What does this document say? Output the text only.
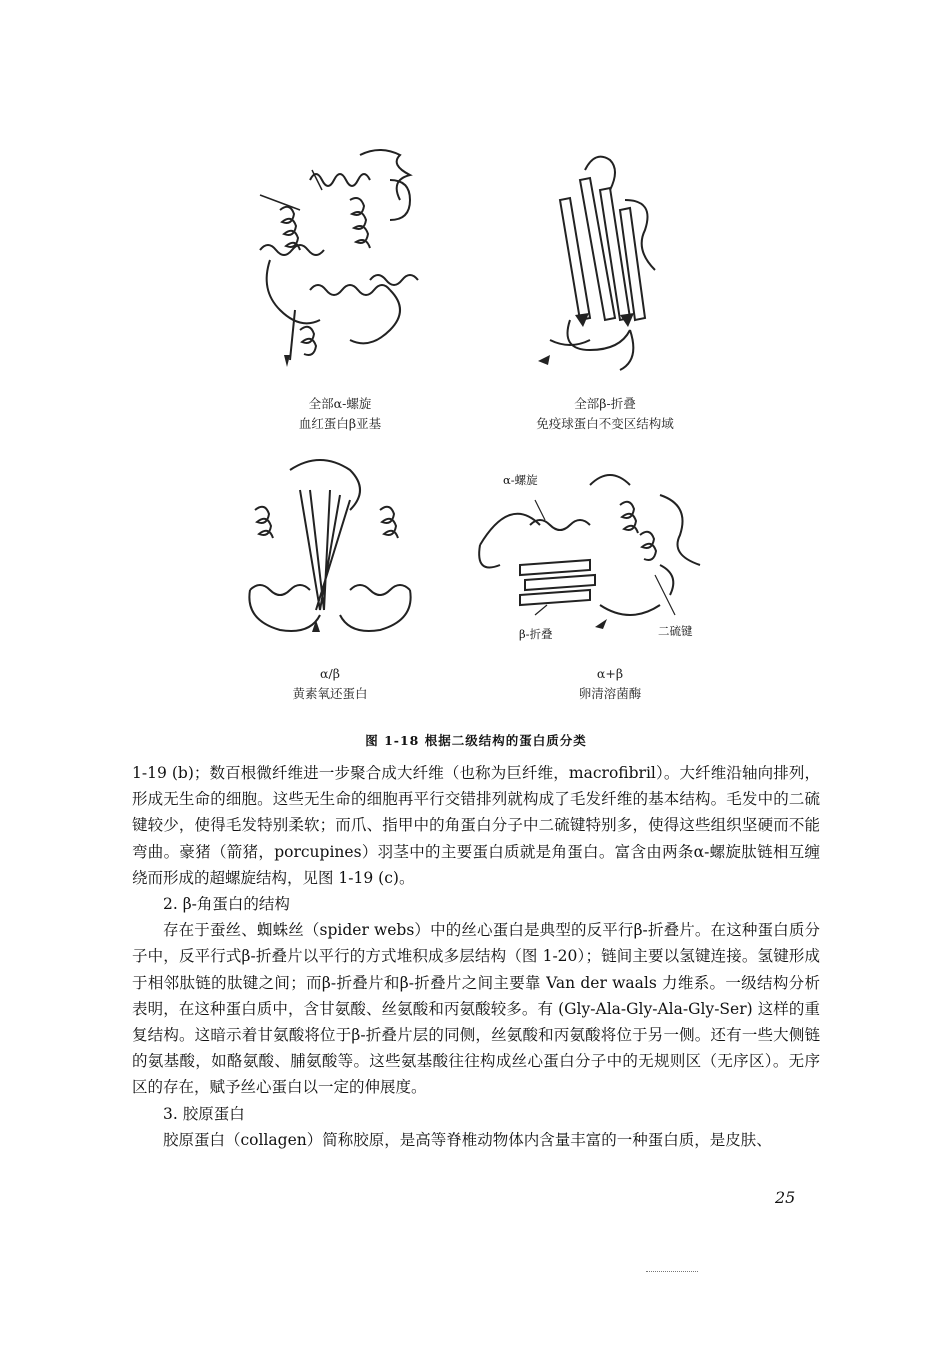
全部α-螺旋
血红蛋白β亚基
全部β-折叠
免疫球蛋白不变区结构域
α/β
黄素氧还蛋白
α-螺旋
β-折叠	二硫键
α+β
卵清溶菌酶
图 1-18 根据二级结构的蛋白质分类

1-19 (b)；数百根微纤维进一步聚合成大纤维（也称为巨纤维，macrofibril）。大纤维沿轴向排列，形成无生命的细胞。这些无生命的细胞再平行交错排列就构成了毛发纤维的基本结构。毛发中的二硫键较少，使得毛发特别柔软；而爪、指甲中的角蛋白分子中二硫键特别多，使得这些组织坚硬而不能弯曲。豪猪（箭猪，porcupines）羽茎中的主要蛋白质就是角蛋白。富含由两条α-螺旋肽链相互缠绕而形成的超螺旋结构，见图 1-19 (c)。

2. β-角蛋白的结构

存在于蚕丝、蜘蛛丝（spider webs）中的丝心蛋白是典型的反平行β-折叠片。在这种蛋白质分子中，反平行式β-折叠片以平行的方式堆积成多层结构（图 1-20）；链间主要以氢键连接。氢键形成于相邻肽链的肽键之间；而β-折叠片和β-折叠片之间主要靠 Van der waals 力维系。一级结构分析表明，在这种蛋白质中，含甘氨酸、丝氨酸和丙氨酸较多。有 (Gly-Ala-Gly-Ala-Gly-Ser) 这样的重复结构。这暗示着甘氨酸将位于β-折叠片层的同侧，丝氨酸和丙氨酸将位于另一侧。还有一些大侧链的氨基酸，如酪氨酸、脯氨酸等。这些氨基酸往往构成丝心蛋白分子中的无规则区（无序区）。无序区的存在，赋予丝心蛋白以一定的伸展度。

3. 胶原蛋白

胶原蛋白（collagen）简称胶原，是高等脊椎动物体内含量丰富的一种蛋白质，是皮肤、

25
